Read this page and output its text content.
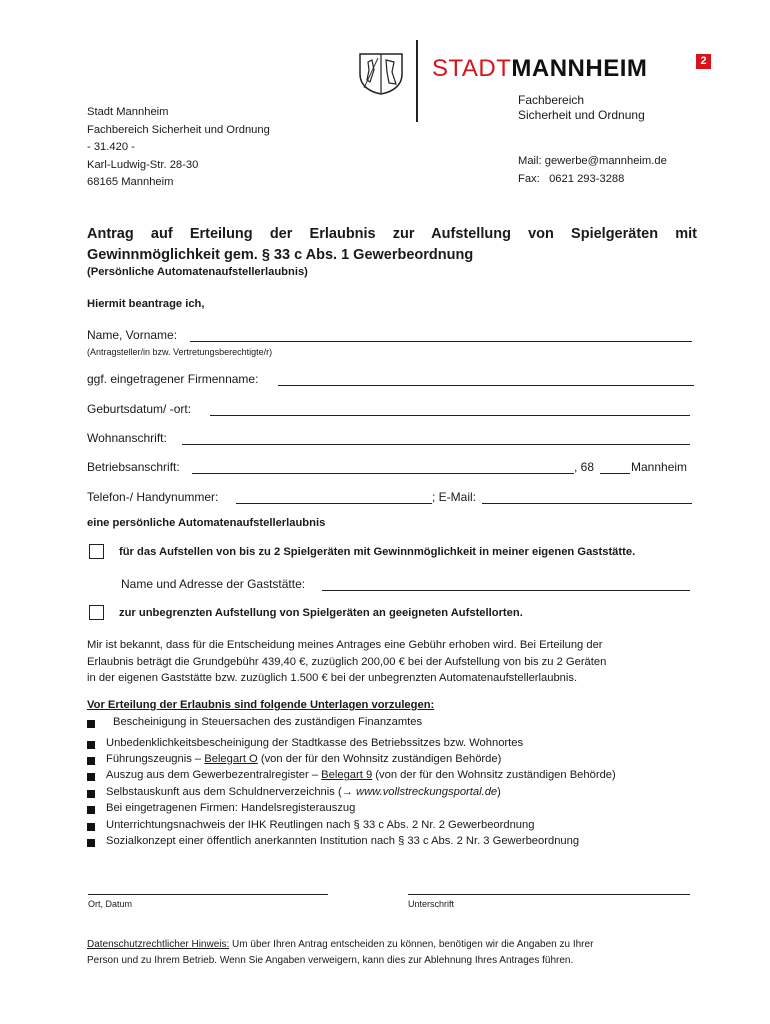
STADTMANNHEIM	2
Fachbereich
Sicherheit und Ordnung
Stadt Mannheim
Fachbereich Sicherheit und Ordnung
- 31.420 -
Karl-Ludwig-Str. 28-30
68165 Mannheim
Mail: gewerbe@mannheim.de
Fax:   0621 293-3288
Antrag auf Erteilung der Erlaubnis zur Aufstellung von Spielgeräten mit
Gewinnmöglichkeit gem. § 33 c Abs. 1 Gewerbeordnung
(Persönliche Automatenaufstellerlaubnis)
Hiermit beantrage ich,
Name, Vorname:
(Antragsteller/in bzw. Vertretungsberechtigte/r)
ggf. eingetragener Firmenname:
Geburtsdatum/ -ort:
Wohnanschrift:
Betriebsanschrift:	, 68	Mannheim
Telefon-/ Handynummer:	; E-Mail:
eine persönliche Automatenaufstellerlaubnis
für das Aufstellen von bis zu 2 Spielgeräten mit Gewinnmöglichkeit in meiner eigenen Gaststätte.
Name und Adresse der Gaststätte:
zur unbegrenzten Aufstellung von Spielgeräten an geeigneten Aufstellorten.
Mir ist bekannt, dass für die Entscheidung meines Antrages eine Gebühr erhoben wird. Bei Erteilung der
Erlaubnis beträgt die Grundgebühr 439,40 €, zuzüglich 200,00 € bei der Aufstellung von bis zu 2 Geräten
in der eigenen Gaststätte bzw. zuzüglich 1.500 € bei der unbegrenzten Automatenaufstellerlaubnis.
Vor Erteilung der Erlaubnis sind folgende Unterlagen vorzulegen:
Bescheinigung in Steuersachen des zuständigen Finanzamtes
Unbedenklichkeitsbescheinigung der Stadtkasse des Betriebssitzes bzw. Wohnortes
Führungszeugnis – Belegart O (von der für den Wohnsitz zuständigen Behörde)
Auszug aus dem Gewerbezentralregister – Belegart 9 (von der für den Wohnsitz zuständigen Behörde)
Selbstauskunft aus dem Schuldnerverzeichnis (→ www.vollstreckungsportal.de)
Bei eingetragenen Firmen: Handelsregisterauszug
Unterrichtungsnachweis der IHK Reutlingen nach § 33 c Abs. 2 Nr. 2 Gewerbeordnung
Sozialkonzept einer öffentlich anerkannten Institution nach § 33 c Abs. 2 Nr. 3 Gewerbeordnung
Ort, Datum	Unterschrift
Datenschutzrechtlicher Hinweis: Um über Ihren Antrag entscheiden zu können, benötigen wir die Angaben zu Ihrer
Person und zu Ihrem Betrieb. Wenn Sie Angaben verweigern, kann dies zur Ablehnung Ihres Antrages führen.
